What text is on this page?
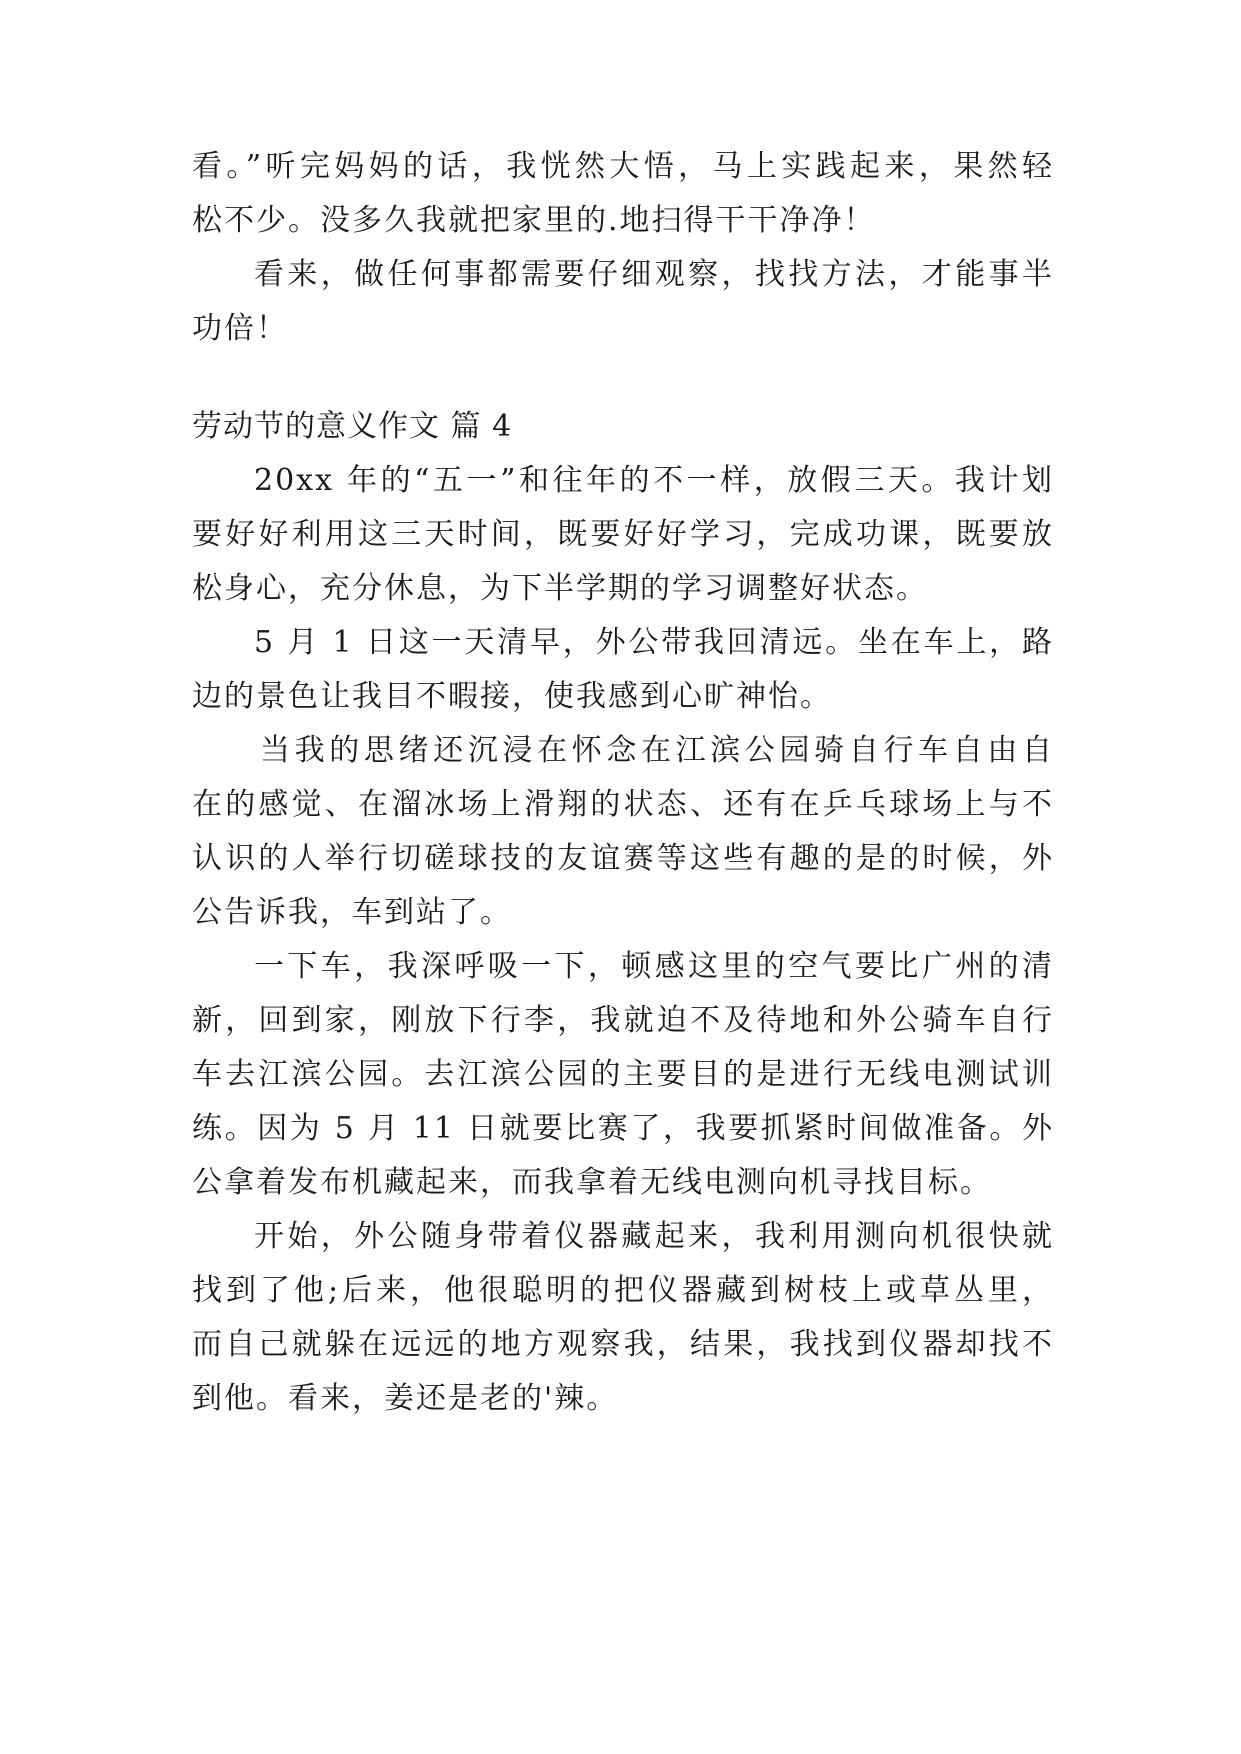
看。”听完妈妈的话，我恍然大悟，马上实践起来，果然轻
松不少。没多久我就把家里的.地扫得干干净净！
看来，做任何事都需要仔细观察，找找方法，才能事半
功倍！
劳动节的意义作文 篇 4
20xx 年的“五一”和往年的不一样，放假三天。我计划
要好好利用这三天时间，既要好好学习，完成功课，既要放
松身心，充分休息，为下半学期的学习调整好状态。
5 月 1 日这一天清早，外公带我回清远。坐在车上，路
边的景色让我目不暇接，使我感到心旷神怡。
当我的思绪还沉浸在怀念在江滨公园骑自行车自由自
在的感觉、在溜冰场上滑翔的状态、还有在乒乓球场上与不
认识的人举行切磋球技的友谊赛等这些有趣的是的时候，外
公告诉我，车到站了。
一下车，我深呼吸一下，顿感这里的空气要比广州的清
新，回到家，刚放下行李，我就迫不及待地和外公骑车自行
车去江滨公园。去江滨公园的主要目的是进行无线电测试训
练。因为 5 月 11 日就要比赛了，我要抓紧时间做准备。外
公拿着发布机藏起来，而我拿着无线电测向机寻找目标。
开始，外公随身带着仪器藏起来，我利用测向机很快就
找到了他;后来，他很聪明的把仪器藏到树枝上或草丛里，
而自己就躲在远远的地方观察我，结果，我找到仪器却找不
到他。看来，姜还是老的'辣。
